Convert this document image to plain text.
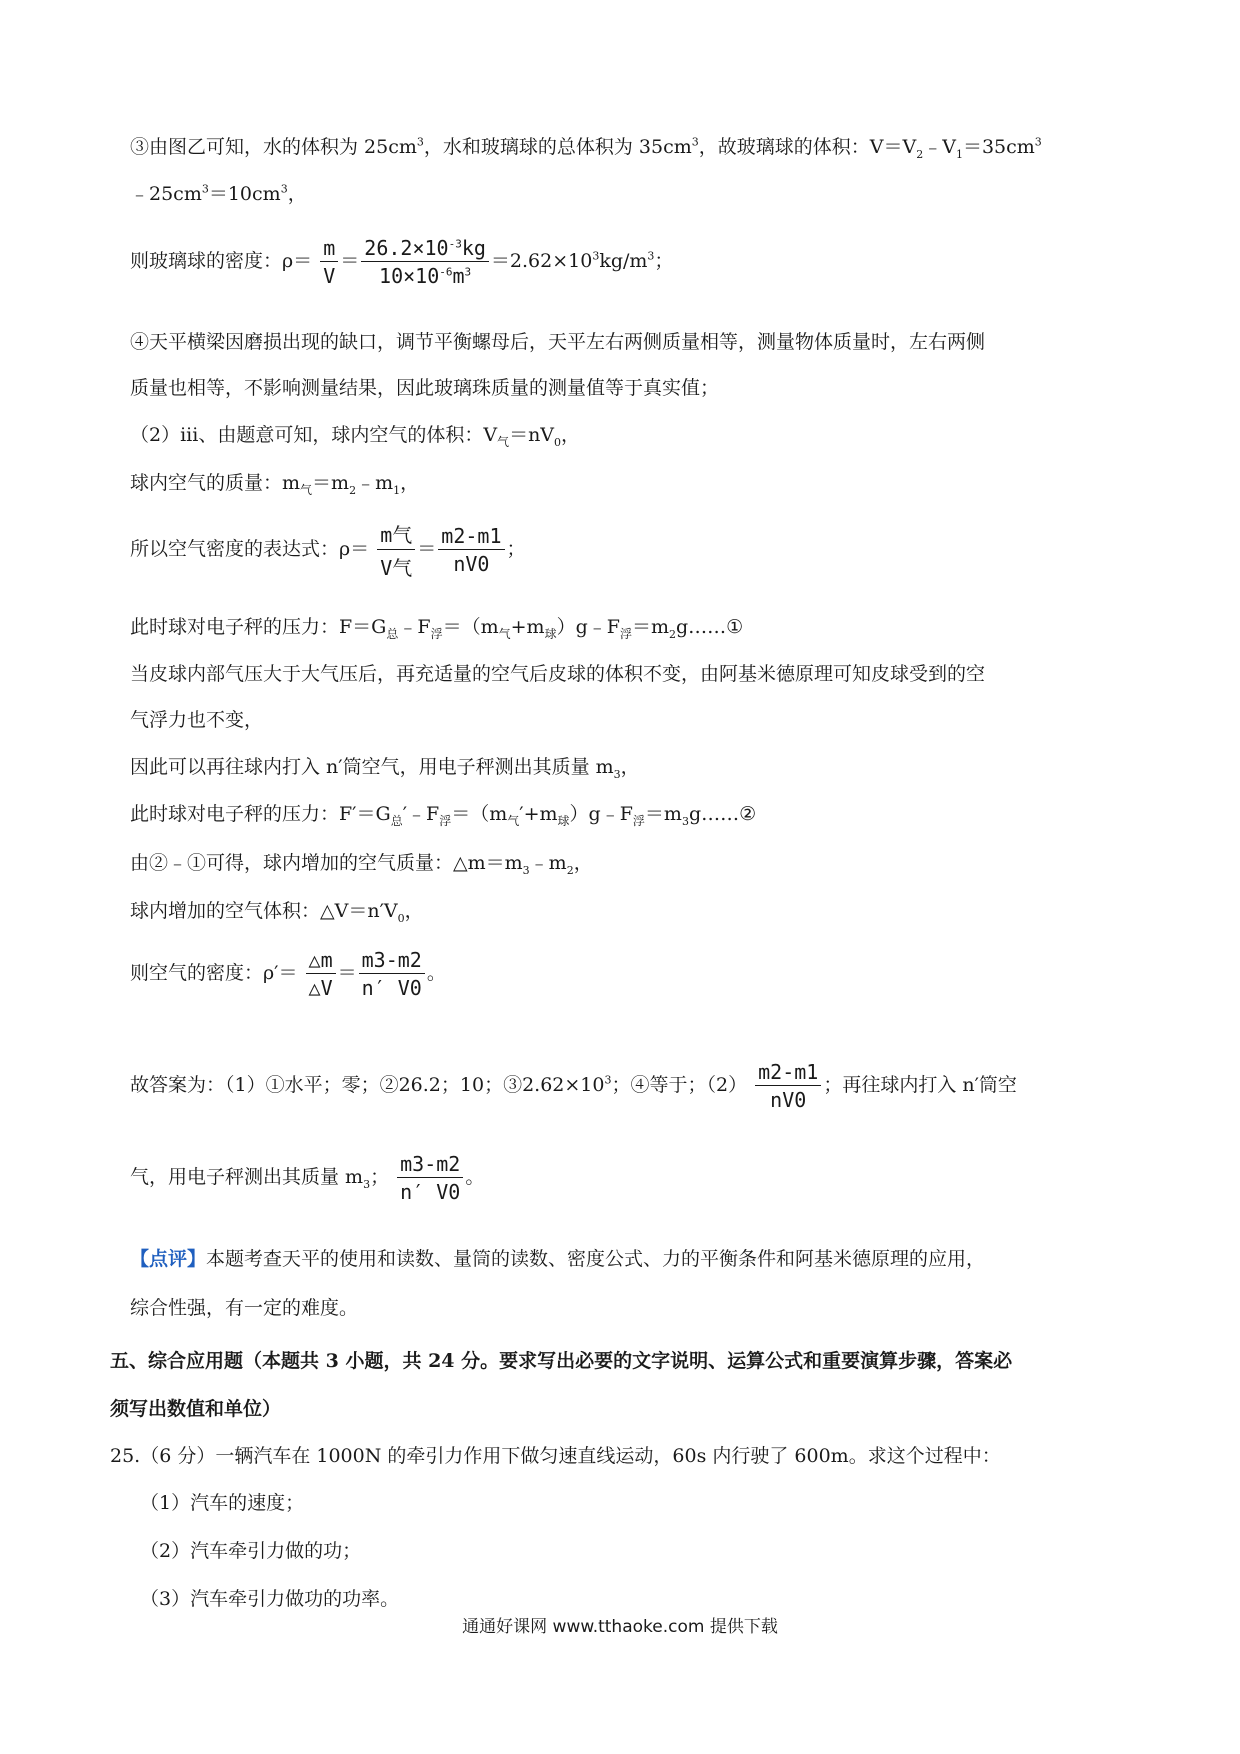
③由图乙可知，水的体积为 $25cm^3$，水和玻璃球的总体积为 $35cm^3$，故玻璃球的体积：$V=V_2﹣V_1=35cm^3$
$﹣25cm^3=10cm^3$，
则玻璃球的密度：$\rho= \frac{m}{V} = \frac{26.2\times 10^{-3}kg}{10\times 10^{-6}m^3} =2.62\times 10^3kg/m^3$；
④天平横梁因磨损出现的缺口，调节平衡螺母后，天平左右两侧质量相等，测量物体质量时，左右两侧
质量也相等，不影响测量结果，因此玻璃珠质量的测量值等于真实值；
（2）iii、由题意可知，球内空气的体积：$V_气=nV_0$，
球内空气的质量：$m_气=m_2﹣m_1$，
所以空气密度的表达式：$\rho= \frac{\text{m气}}{\text{V气}} = \frac{m2-m1}{nV0}$ ；
此时球对电子秤的压力：$F=G_总﹣F_浮=(m_气+m_球)g﹣F_浮=m_2g\dots\dots ①$
当皮球内部气压大于大气压后，再充适量的空气后皮球的体积不变，由阿基米德原理可知皮球受到的空
气浮力也不变，
因此可以再往球内打入 n′筒空气，用电子秤测出其质量 $m_3$，
此时球对电子秤的压力：$F'=G_总'﹣F_浮=(m_气'+m_球)g﹣F_浮=m_3g\dots\dots ②$
由②﹣①可得，球内增加的空气质量：$\triangle m=m_3﹣m_2$，
球内增加的空气体积：$\triangle V=n'V_0$，
则空气的密度：$\rho'= \frac{\triangle m}{\triangle V} = \frac{m3-m2}{n' V0}$ 。
故答案为：（1）①水平；零；②26.2；10；$③2.62\times 10^3$；④等于；$(2) \frac{m2-m1}{nV0}$ ；再往球内打入 n′筒空
气，用电子秤测出其质量 $m_3$； $\frac{m3-m2}{n' V0}$ 。
【点评】本题考查天平的使用和读数、量筒的读数、密度公式、力的平衡条件和阿基米德原理的应用，
综合性强，有一定的难度。
五、综合应用题（本题共 3 小题，共 24 分。要求写出必要的文字说明、运算公式和重要演算步骤，答案必
须写出数值和单位）
25.（6 分）一辆汽车在 1000N 的牵引力作用下做匀速直线运动，60s 内行驶了 600m。求这个过程中：
（1）汽车的速度；
（2）汽车牵引力做的功；
（3）汽车牵引力做功的功率。
通通好课网 www.tthaoke.com 提供下载
